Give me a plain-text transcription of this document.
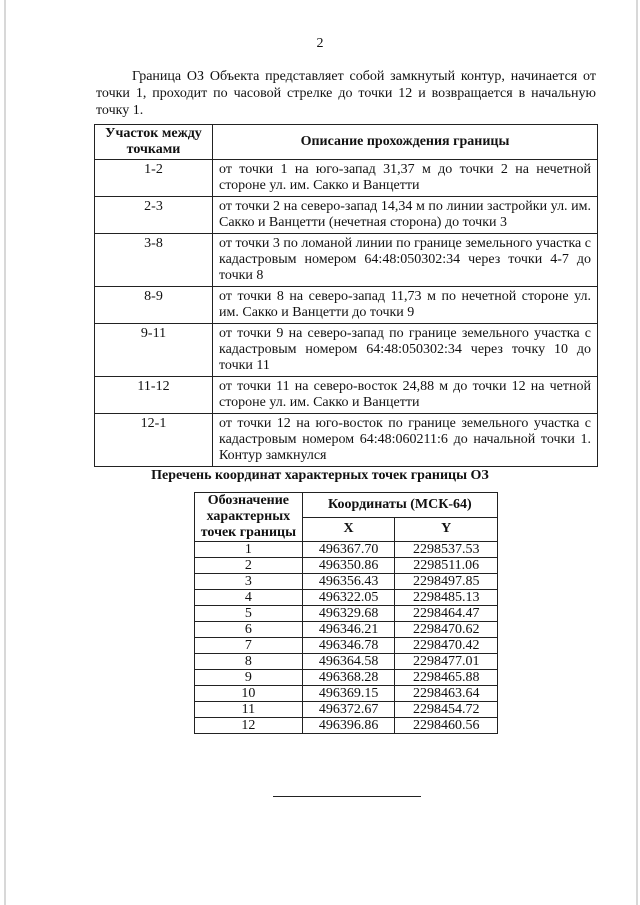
2

Граница ОЗ Объекта представляет собой замкнутый контур, начинается от точки 1, проходит по часовой стрелке до точки 12 и возвращается в начальную точку 1.

Участок между точками	Описание прохождения границы
1-2	от точки 1 на юго-запад 31,37 м до точки 2 на нечетной стороне ул. им. Сакко и Ванцетти
2-3	от точки 2 на северо-запад 14,34 м по линии застройки ул. им. Сакко и Ванцетти (нечетная сторона) до точки 3
3-8	от точки 3 по ломаной линии по границе земельного участка с кадастровым номером 64:48:050302:34 через точки 4-7 до точки 8
8-9	от точки 8 на северо-запад 11,73 м по нечетной стороне ул. им. Сакко и Ванцетти до точки 9
9-11	от точки 9 на северо-запад по границе земельного участка с кадастровым номером 64:48:050302:34 через точку 10 до точки 11
11-12	от точки 11 на северо-восток 24,88 м до точки 12 на четной стороне ул. им. Сакко и Ванцетти
12-1	от точки 12 на юго-восток по границе земельного участка с кадастровым номером 64:48:060211:6 до начальной точки 1. Контур замкнулся
Перечень координат характерных точек границы ОЗ
Обозначение характерных точек границы	Координаты (МСК-64)	
	X	Y
1	496367.70	2298537.53
2	496350.86	2298511.06
3	496356.43	2298497.85
4	496322.05	2298485.13
5	496329.68	2298464.47
6	496346.21	2298470.62
7	496346.78	2298470.42
8	496364.58	2298477.01
9	496368.28	2298465.88
10	496369.15	2298463.64
11	496372.67	2298454.72
12	496396.86	2298460.56
